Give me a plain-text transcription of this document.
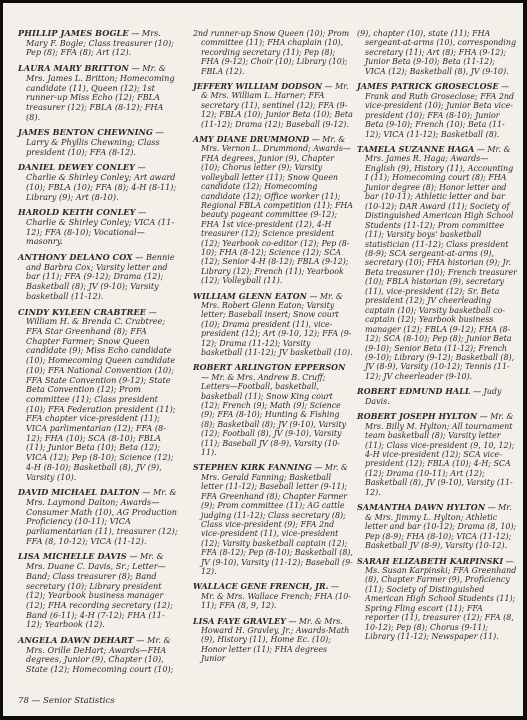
PHILLIP JAMES BOGLE — Mrs. Mary F. Bogle; Class treasurer (10); Pep (8); FFA (8); Art (12).

LAURA MARY BRITTON — Mr. & Mrs. James L. Britton; Homecoming candidate (11), Queen (12); 1st runner-up Miss Echo (12); FBLA treasurer (12); FBLA (8-12); FHA (8).

JAMES BENTON CHEWNING — Larry & Phyllis Chewning; Class president (10); FFA (8-12).

DANIEL DEWEY CONLEY — Charlie & Shirley Conley; Art award (10); FBLA (10); FFA (8); 4-H (8-11); Library (9); Art (8-10).

HAROLD KEITH CONLEY — Charlie & Shirley Conley; VICA (11-12); FFA (8-10); Vocational—masonry.

ANTHONY DELANO COX — Bennie and Barbra Cox; Varsity letter and bar (11); FFA (9-12); Drama (12); Basketball (8); JV (9-10); Varsity basketball (11-12).

CINDY KYLEEN CRABTREE — William H. & Brenda C. Crabtree; FFA Star Greenhand (8); FFA Chapter Farmer; Snow Queen candidate (9); Miss Echo candidate (10); Homecoming Queen candidate (10); FFA National Convention (10); FFA State Convention (9-12); State Beta Convention (12); Prom committee (11); Class president (10); FFA Federation president (11); FFA chapter vice-president (11); VICA parlimentarian (12); FFA (8-12); FHA (10); SCA (8-10); FBLA (11); Junior Beta (10); Beta (12); VICA (12); Pep (8-10); Science (12); 4-H (8-10); Basketball (8), JV (9), Varsity (10).

DAVID MICHAEL DALTON — Mr. & Mrs. Laymond Dalton; Awards—Consumer Math (10), AG Production Proficiency (10-11); VICA parliamentarian (11), treasurer (12); FFA (8, 10-12); VICA (11-12).

LISA MICHELLE DAVIS — Mr. & Mrs. Duane C. Davis, Sr.; Letter—Band; Class treasurer (8); Band secretary (10); Library president (12); Yearbook business manager (12); FHA recording secretary (12); Band (6-11); 4-H (7-12); FHA (11-12); Yearbook (12).

ANGELA DAWN DEHART — Mr. & Mrs. Orille DeHart; Awards—FHA degrees, Junior (9), Chapter (10), State (12); Homecoming court (10);

2nd runner-up Snow Queen (10); Prom committee (11); FHA chaplain (10), recording secretary (11); Pep (8); FHA (9-12); Choir (10); Library (10); FBLA (12).

JEFFERY WILLIAM DODSON — Mr. & Mrs. William L. Harner; FFA secretary (11), sentinel (12); FFA (9-12); FBLA (10); Junior Beta (10); Beta (11-12); Drama (12); Baseball (9-12).

AMY DIANE DRUMMOND — Mr. & Mrs. Vernon L. Drummond; Awards—FHA degrees, Junior (9), Chapter (10); Chorus letter (9); Varsity volleyball letter (11); Snow Queen candidate (12); Homecoming candidate (12); Office worker (11); Regional FBLA competition (11); FHA beauty pageant committee (9-12); FHA 1st vice-president (12), 4-H treasurer (12); Science president (12); Yearbook co-editor (12); Pep (8-10); FHA (8-12); Science (12); SCA (12); Senior 4-H (8-12); FBLA (9-12); Library (12); French (11); Yearbook (12); Volleyball (11).

WILLIAM GLENN EATON — Mr. & Mrs. Robert Glenn Eaton; Varsity letter; Baseball insert; Snow court (10); Drama president (11), vice-president (12); Art (9-10, 12); FFA (9-12); Drama (11-12); Varsity basketball (11-12); JV basketball (10).

ROBERT ARLINGTON EPPERSON — Mr. & Mrs. Andrew B. Cruff; Letters—Football, basketball, basketball (11); Snow King court (12); French (9); Math (9); Science (9); FFA (8-10); Hunting & Fishing (8); Basketball (8); JV (9-10), Varsity (12); Football (8), JV (9-10), Varsity (11); Baseball JV (8-9), Varsity (10-11).

STEPHEN KIRK FANNING — Mr. & Mrs. Gerald Fanning; Basketball letter (11-12); Baseball letter (9-11); FFA Greenhand (8); Chapter Farmer (9); Prom committee (11); AG cattle judging (11-12); Class secretary (8); Class vice-president (9); FFA 2nd vice-president (11), vice-president (12); Varsity basketball captain (12); FFA (8-12); Pep (8-10); Basketball (8), JV (9-10), Varsity (11-12); Baseball (9-12).

WALLACE GENE FRENCH, JR. — Mr. & Mrs. Wallace French; FHA (10-11); FFA (8, 9, 12).

LISA FAYE GRAVLEY — Mr. & Mrs. Howard H. Gravley, Jr.; Awards-Math (9), History (11), Home Ec. (10); Honor letter (11); FHA degrees Junior

(9), chapter (10), state (11); FHA sergeant-at-arms (10), corresponding secretary (11); Art (8); FHA (9-12); Junior Beta (9-10); Beta (11-12); VICA (12); Basketball (8), JV (9-10).

JAMES PATRICK GROSECLOSE — Frank and Ruth Groseclose; FFA 2nd vice-president (10); Junior Beta vice-president (10); FFA (8-10); Junior Beta (9-10); French (10); Beta (11-12); VICA (11-12); Basketball (8).

TAMELA SUZANNE HAGA — Mr. & Mrs. James R. Haga; Awards—English (9), History (11), Accounting I (11); Homecoming court (8); FHA Junior degree (8); Honor letter and bar (10-11); Athletic letter and bar (10-12); DAR Award (11); Society of Distinguished American High School Students (11-12); Prom committee (11); Varsity boys' basketball statistician (11-12); Class president (8-9); SCA sergeant-at-arms (9), secretary (10); FHA historian (9); Jr. Beta treasurer (10); French treasurer (10); FBLA historian (9), secretary (11), vice-president (12); Sr. Beta president (12); JV cheerleading captain (10); Varsity basketball co-captain (12); Yearbook business manager (12); FBLA (9-12); FHA (8-12); SCA (8-10); Pep (8); Junior Beta (9-10); Senior Beta (11-12); French (9-10); Library (9-12); Basketball (8), JV (8-9), Varsity (10-12); Tennis (11-12); JV cheerleader (9-10).

ROBERT EDMUND HALL — Judy Davis.

ROBERT JOSEPH HYLTON — Mr. & Mrs. Billy M. Hylton; All tournament team basketball (8); Varsity letter (11); Class vice-president (9, 10, 12); 4-H vice-president (12); SCA vice-president (12); FBLA (10); 4-H; SCA (12); Drama (10-11); Art (12); Basketball (8), JV (9-10), Varsity (11-12).

SAMANTHA DAWN HYLTON — Mr. & Mrs. Jimmy L. Hylton; Athletic letter and bar (10-12); Drama (8, 10); Pep (8-9); FHA (8-10); VICA (11-12); Basketball JV (8-9), Varsity (10-12).

SARAH ELIZABETH KARPINSKI — Ms. Susan Karpinski; FFA Greenhand (8), Chapter Farmer (9), Proficiency (11); Society of Distinguished American High School Students (11); Spring Fling escort (11); FFA reporter (11), treasurer (12); FFA (8, 10-12); Pep (8); Chorus (9-11); Library (11-12); Newspaper (11).

78 — Senior Statistics
